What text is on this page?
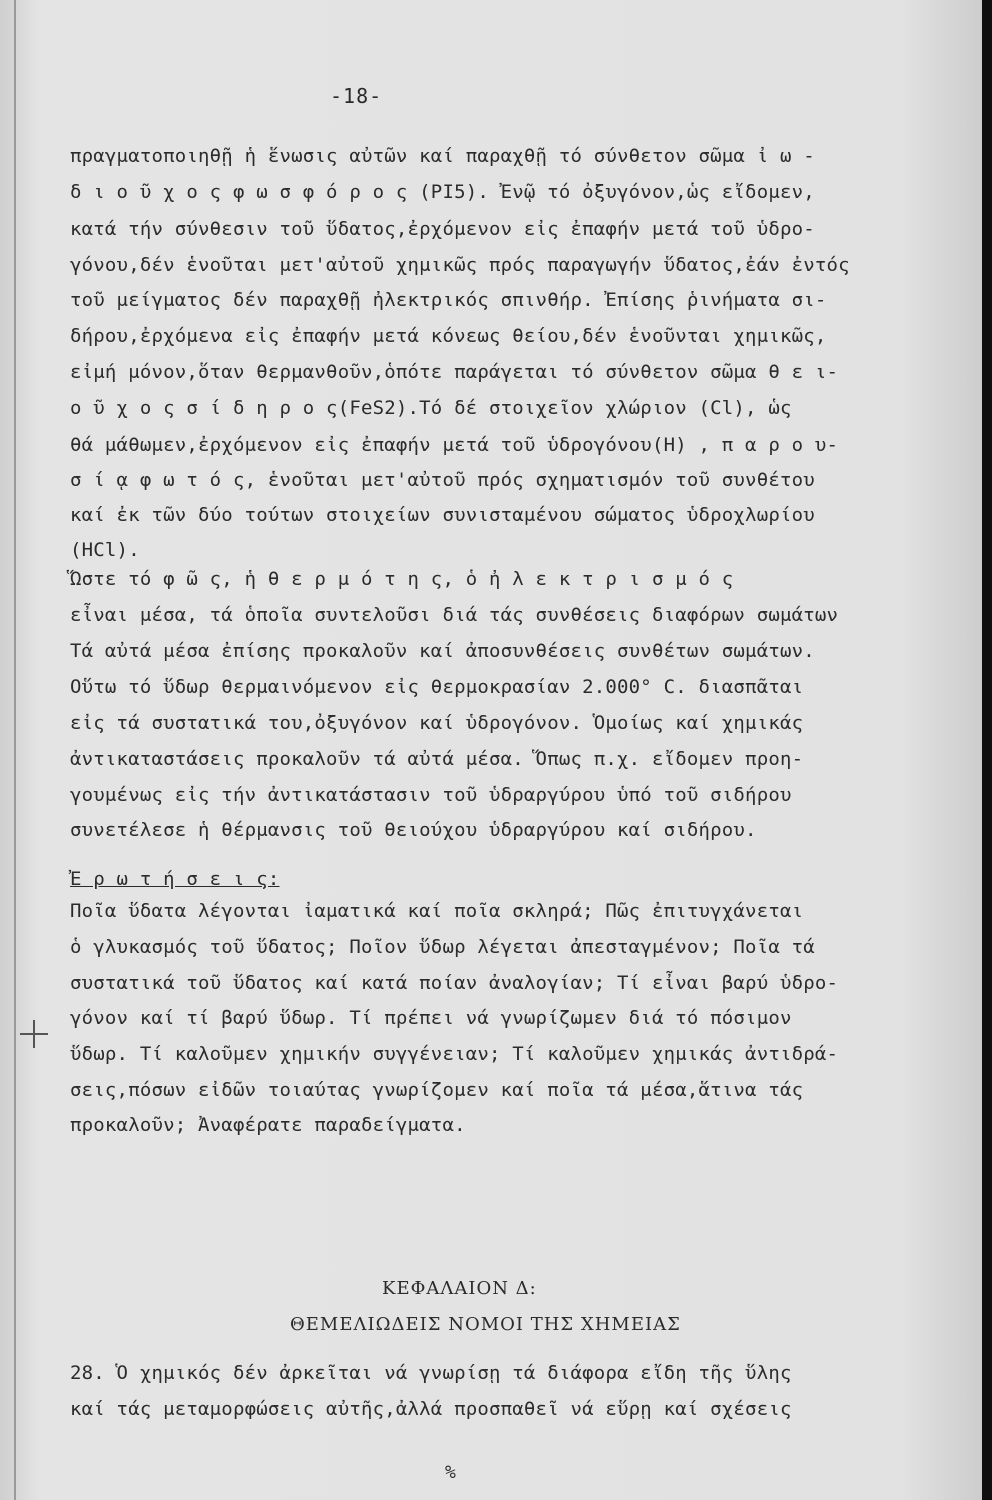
-18-
πραγματοποιηθῇ ἡ ἕνωσις αὐτῶν καί παραχθῇ τό σύνθετον σῶμα ἰ ω -
δ ι ο ῦ χ ο ς φ ω σ φ ό ρ ο ς (PI5). Ἐνῷ τό ὀξυγόνον,ὡς εἴδομεν,
κατά τήν σύνθεσιν τοῦ ὕδατος,ἐρχόμενον εἰς ἐπαφήν μετά τοῦ ὑδρο-
γόνου,δέν ἑνοῦται μετ'αὐτοῦ χημικῶς πρός παραγωγήν ὕδατος,ἐάν ἐντός
τοῦ μείγματος δέν παραχθῇ ἠλεκτρικός σπινθήρ. Ἐπίσης ῥινήματα σι-
δήρου,ἐρχόμενα εἰς ἐπαφήν μετά κόνεως θείου,δέν ἑνοῦνται χημικῶς,
εἰμή μόνον,ὅταν θερμανθοῦν,ὁπότε παράγεται τό σύνθετον σῶμα θ ε ι-
ο ῦ χ ο ς σ ί δ η ρ ο ς(FeS2).Τό δέ στοιχεῖον χλώριον (Cl), ὡς
θά μάθωμεν,ἐρχόμενον εἰς ἐπαφήν μετά τοῦ ὑδρογόνου(H) , π α ρ ο υ-
σ ί ᾳ φ ω τ ό ς, ἑνοῦται μετ'αὐτοῦ πρός σχηματισμόν τοῦ συνθέτου
καί ἐκ τῶν δύο τούτων στοιχείων συνισταμένου σώματος ὑδροχλωρίου
(HCl).
Ὥστε τό φ ῶ ς, ἡ θ ε ρ μ ό τ η ς, ὁ ἠ λ ε κ τ ρ ι σ μ ό ς
εἶναι μέσα, τά ὁποῖα συντελοῦσι διά τάς συνθέσεις διαφόρων σωμάτων
Τά αὐτά μέσα ἐπίσης προκαλοῦν καί ἀποσυνθέσεις συνθέτων σωμάτων.
Οὕτω τό ὕδωρ θερμαινόμενον εἰς θερμοκρασίαν 2.000° C. διασπᾶται
εἰς τά συστατικά του,ὀξυγόνον καί ὑδρογόνον. Ὁμοίως καί χημικάς
ἀντικαταστάσεις προκαλοῦν τά αὐτά μέσα. Ὅπως π.χ. εἴδομεν προη-
γουμένως εἰς τήν ἀντικατάστασιν τοῦ ὑδραργύρου ὑπό τοῦ σιδήρου
συνετέλεσε ἡ θέρμανσις τοῦ θειούχου ὑδραργύρου καί σιδήρου.
Ἐ ρ ω τ ή σ ε ι ς:
Ποῖα ὕδατα λέγονται ἰαματικά καί ποῖα σκληρά; Πῶς ἐπιτυγχάνεται
ὁ γλυκασμός τοῦ ὕδατος; Ποῖον ὕδωρ λέγεται ἀπεσταγμένον; Ποῖα τά
συστατικά τοῦ ὕδατος καί κατά ποίαν ἀναλογίαν; Τί εἶναι βαρύ ὑδρο-
γόνον καί τί βαρύ ὕδωρ. Τί πρέπει νά γνωρίζωμεν διά τό πόσιμον
ὕδωρ. Τί καλοῦμεν χημικήν συγγένειαν; Τί καλοῦμεν χημικάς ἀντιδρά-
σεις,πόσων εἰδῶν τοιαύτας γνωρίζομεν καί ποῖα τά μέσα,ἅτινα τάς
προκαλοῦν; Ἀναφέρατε παραδείγματα.
ΚΕΦΑΛΑΙΟΝ Δ:
ΘΕΜΕΛΙΩΔΕΙΣ ΝΟΜΟΙ ΤΗΣ ΧΗΜΕΙΑΣ
28. Ὁ χημικός δέν ἀρκεῖται νά γνωρίσῃ τά διάφορα εἴδη τῆς ὕλης
καί τάς μεταμορφώσεις αὐτῆς,ἀλλά προσπαθεῖ νά εὕρῃ καί σχέσεις
%
